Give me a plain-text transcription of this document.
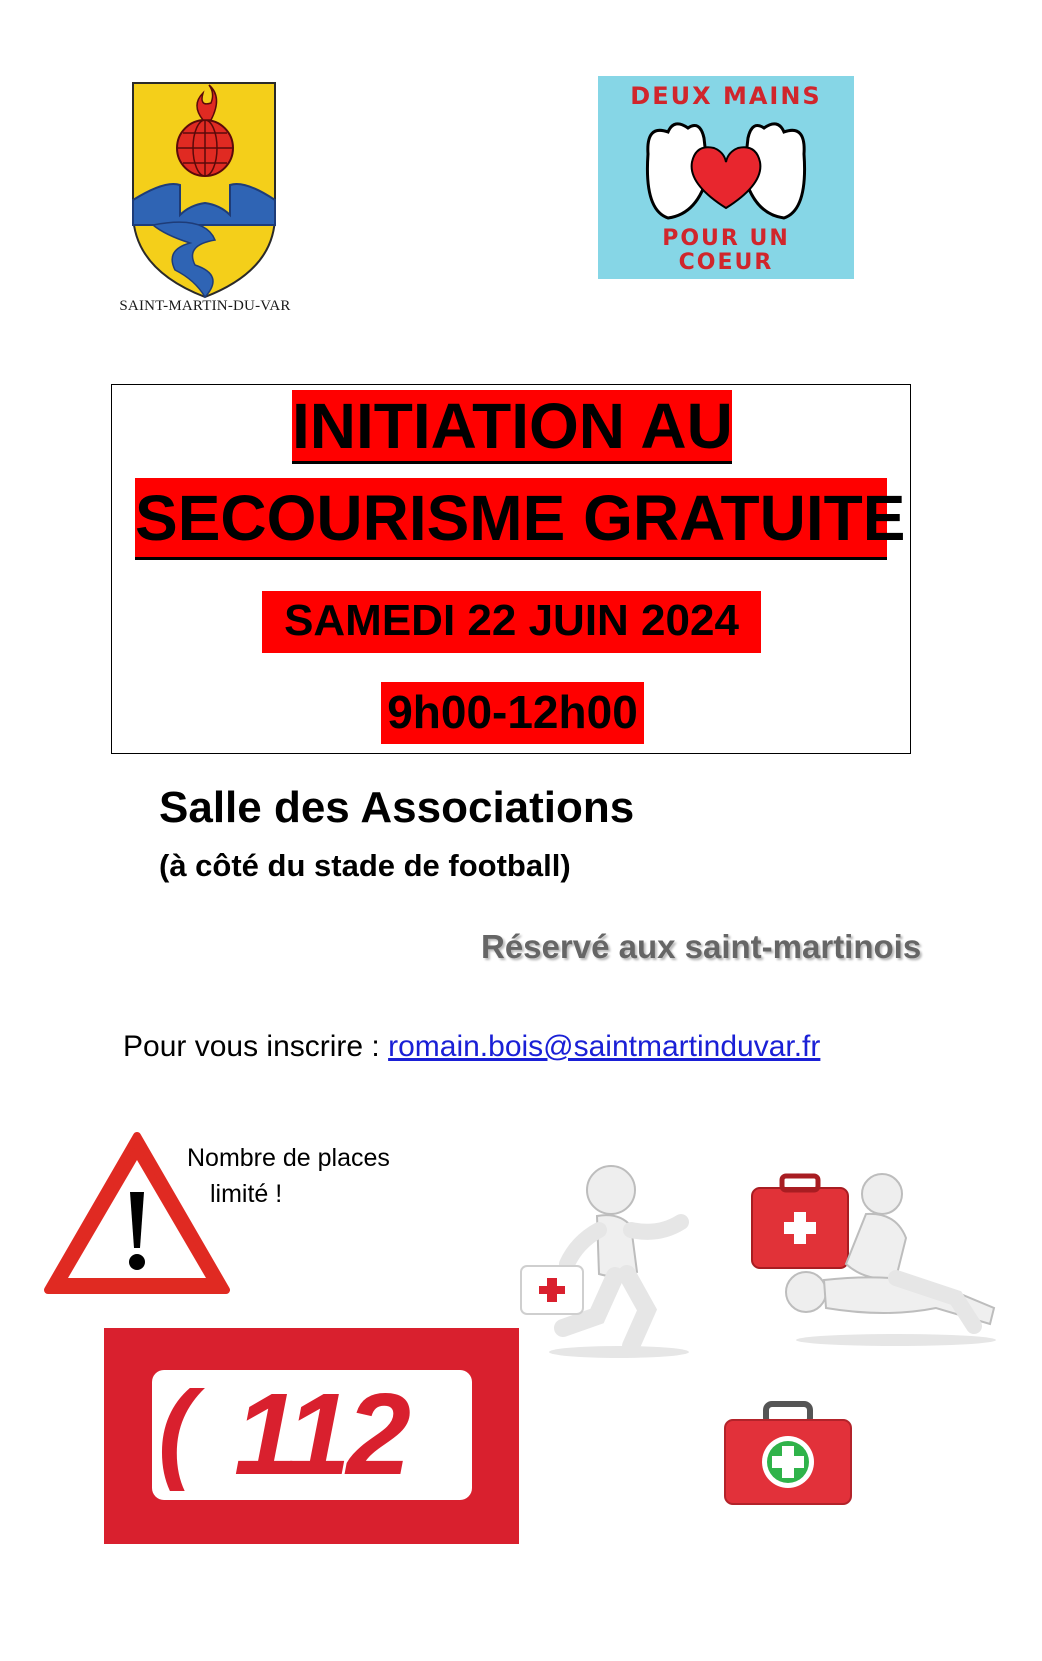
SAINT-MARTIN-DU-VAR
DEUX MAINS
POUR UN
COEUR
INITIATION AU
SECOURISME GRATUITE
SAMEDI 22 JUIN 2024
9h00-12h00
Salle des Associations
(à côté du stade de football)
Réservé aux saint-martinois
Pour vous inscrire : romain.bois@saintmartinduvar.fr
Nombre de places
limité !
( 112
